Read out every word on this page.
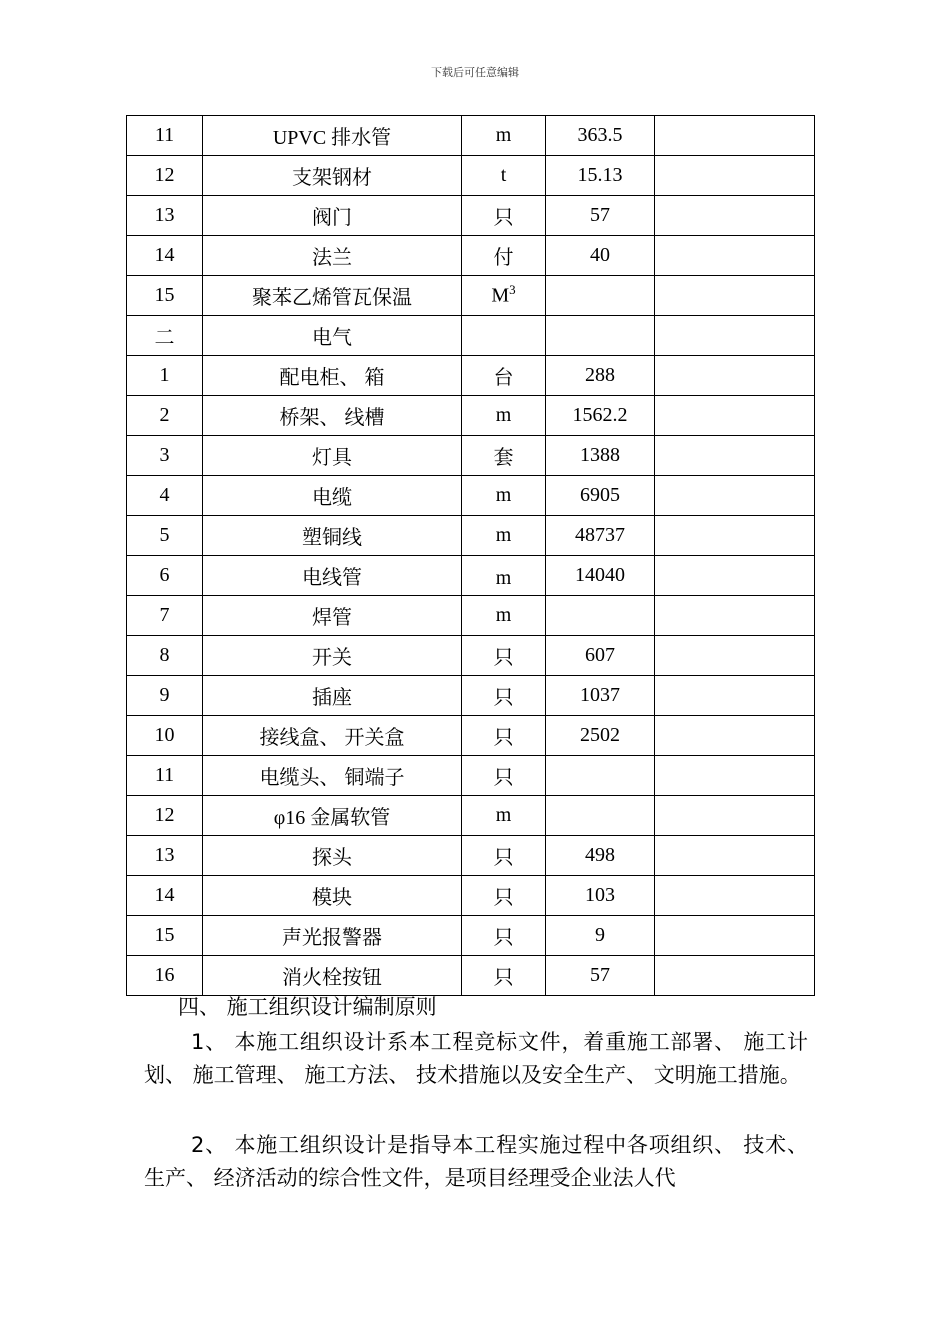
下载后可任意编辑
11	UPVC 排水管	m	363.5	
12	支架钢材	t	15.13	
13	阀门	只	57	
14	法兰	付	40	
15	聚苯乙烯管瓦保温	$M^3$		
二	电气			
1	配电柜、 箱	台	288	
2	桥架、 线槽	m	1562.2	
3	灯具	套	1388	
4	电缆	m	6905	
5	塑铜线	m	48737	
6	电线管	m	14040	
7	焊管	m		
8	开关	只	607	
9	插座	只	1037	
10	接线盒、 开关盒	只	2502	
11	电缆头、 铜端子	只		
12	φ16 金属软管	m		
13	探头	只	498	
14	模块	只	103	
15	声光报警器	只	9	
16	消火栓按钮	只	57	
四、 施工组织设计编制原则
1、 本施工组织设计系本工程竞标文件，着重施工部署、 施工计划、 施工管理、 施工方法、 技术措施以及安全生产、 文明施工措施。
2、 本施工组织设计是指导本工程实施过程中各项组织、 技术、 生产、 经济活动的综合性文件，是项目经理受企业法人代
